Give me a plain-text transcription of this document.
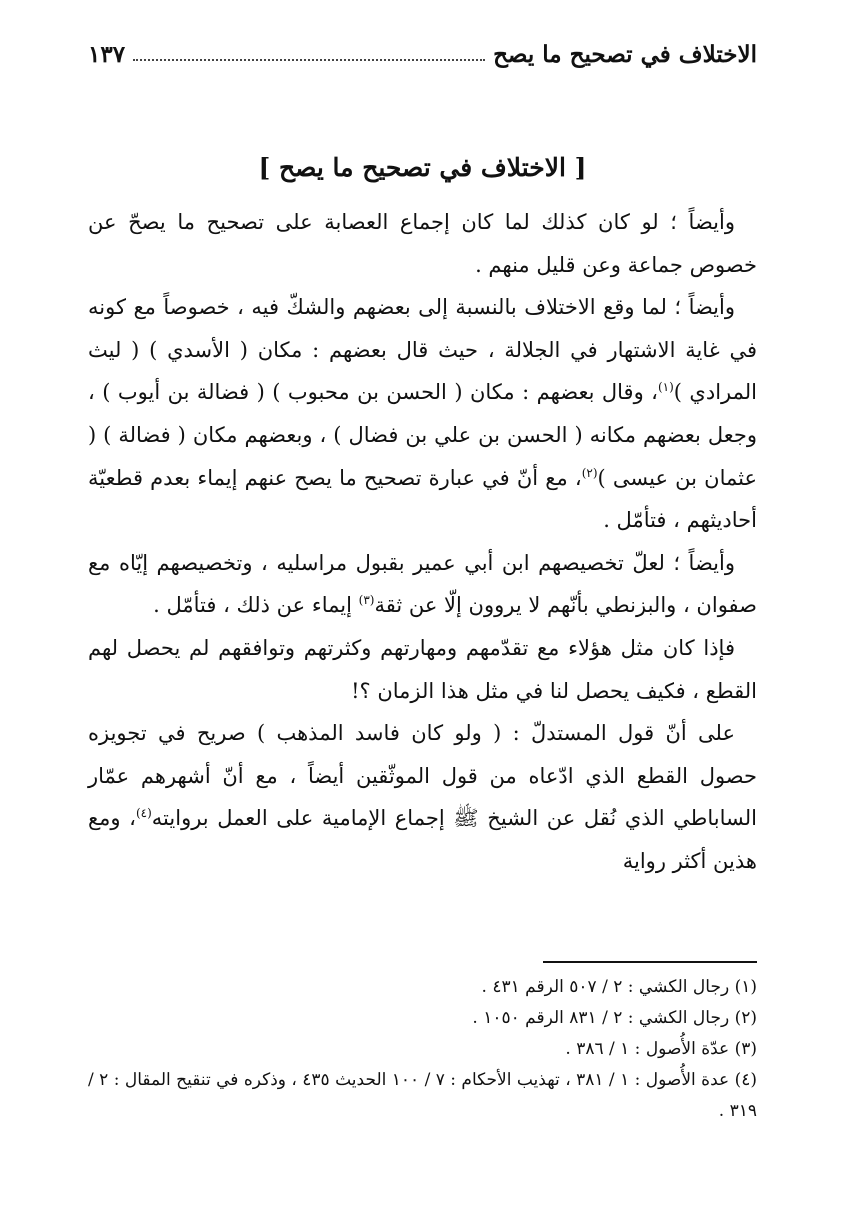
الاختلاف في تصحيح ما يصح
١٣٧
[ الاختلاف في تصحيح ما يصح ]

وأيضاً ؛ لو كان كذلك لما كان إجماع العصابة على تصحيح ما يصحّ عن خصوص جماعة وعن قليل منهم .

وأيضاً ؛ لما وقع الاختلاف بالنسبة إلى بعضهم والشكّ فيه ، خصوصاً مع كونه في غاية الاشتهار في الجلالة ، حيث قال بعضهم : مكان ( الأسدي ) ( ليث المرادي )$^{(١)}$، وقال بعضهم : مكان ( الحسن بن محبوب ) ( فضالة بن أيوب ) ، وجعل بعضهم مكانه ( الحسن بن علي بن فضال ) ، وبعضهم مكان ( فضالة ) ( عثمان بن عيسى )$^{(٢)}$، مع أنّ في عبارة تصحيح ما يصح عنهم إيماء بعدم قطعيّة أحاديثهم ، فتأمّل .

وأيضاً ؛ لعلّ تخصيصهم ابن أبي عمير بقبول مراسليه ، وتخصيصهم إيّاه مع صفوان ، والبزنطي بأنّهم لا يروون إلّا عن ثقة$^{(٣)}$ إيماء عن ذلك ، فتأمّل .

فإذا كان مثل هؤلاء مع تقدّمهم ومهارتهم وكثرتهم وتوافقهم لم يحصل لهم القطع ، فكيف يحصل لنا في مثل هذا الزمان ؟!

على أنّ قول المستدلّ : ( ولو كان فاسد المذهب ) صريح في تجويزه حصول القطع الذي ادّعاه من قول الموثّقين أيضاً ، مع أنّ أشهرهم عمّار الساباطي الذي نُقل عن الشيخ ﷺ إجماع الإمامية على العمل بروايته$^{(٤)}$، ومع هذين أكثر رواية

(١) رجال الكشي : ٢ / ٥٠٧ الرقم ٤٣١ .

(٢) رجال الكشي : ٢ / ٨٣١ الرقم ١٠٥٠ .

(٣) عدّة الأُصول : ١ / ٣٨٦ .

(٤) عدة الأُصول : ١ / ٣٨١ ، تهذيب الأحكام : ٧ / ١٠٠ الحديث ٤٣٥ ، وذكره في تنقيح المقال : ٢ / ٣١٩ .
